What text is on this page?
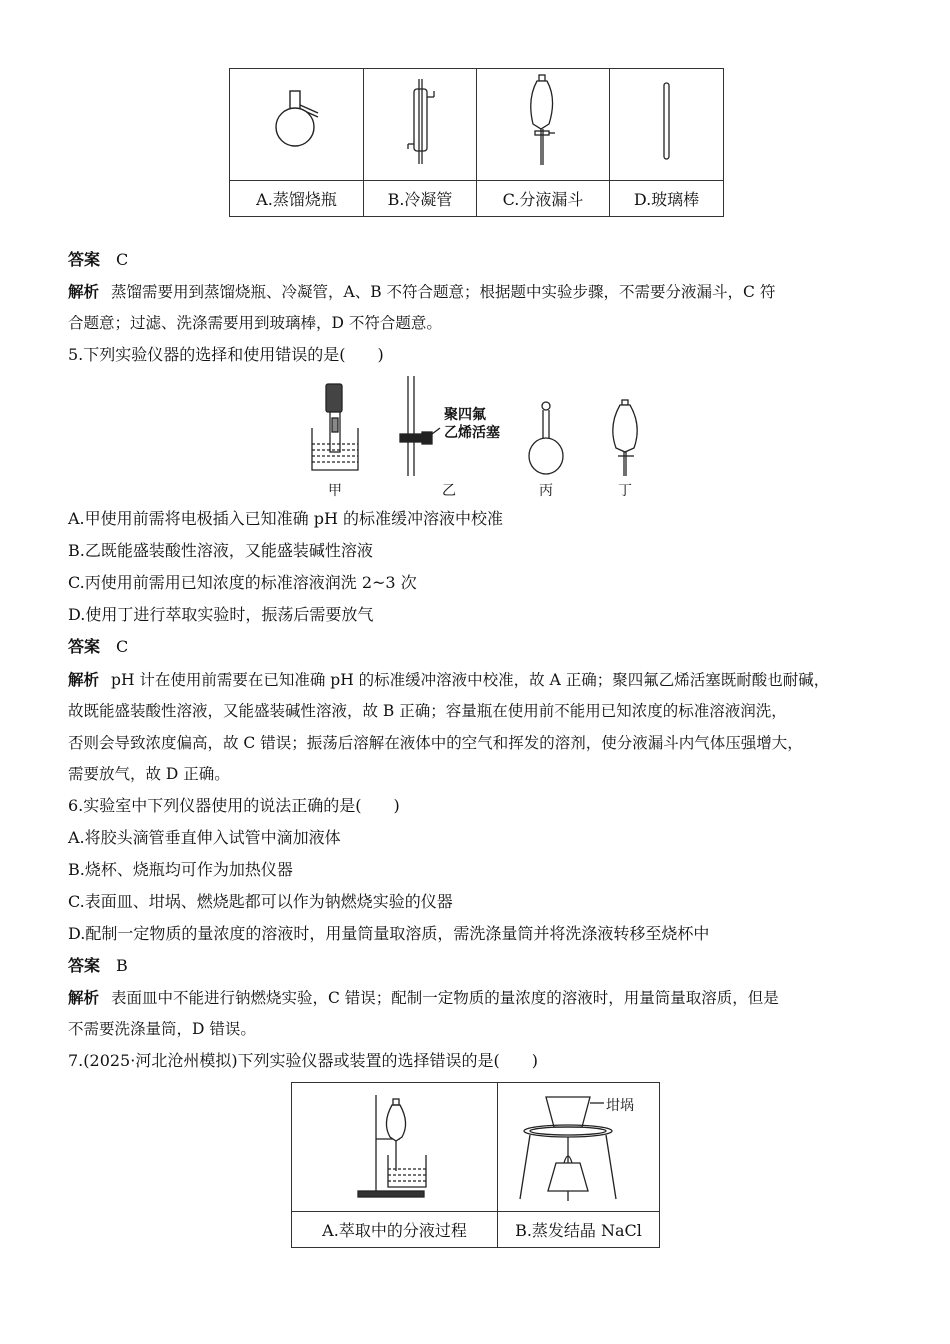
A.蒸馏烧瓶	B.冷凝管	C.分液漏斗	D.玻璃棒
答案 C
解析 蒸馏需要用到蒸馏烧瓶、冷凝管，A、B 不符合题意；根据题中实验步骤，不需要分液漏斗，C 符
合题意；过滤、洗涤需要用到玻璃棒，D 不符合题意。
5.下列实验仪器的选择和使用错误的是(　　)
聚四氟
乙烯活塞
甲	乙	丙	丁
A.甲使用前需将电极插入已知准确 pH 的标准缓冲溶液中校准
B.乙既能盛装酸性溶液，又能盛装碱性溶液
C.丙使用前需用已知浓度的标准溶液润洗 2~3 次
D.使用丁进行萃取实验时，振荡后需要放气
答案 C
解析 pH 计在使用前需要在已知准确 pH 的标准缓冲溶液中校准，故 A 正确；聚四氟乙烯活塞既耐酸也耐碱，
故既能盛装酸性溶液，又能盛装碱性溶液，故 B 正确；容量瓶在使用前不能用已知浓度的标准溶液润洗，
否则会导致浓度偏高，故 C 错误；振荡后溶解在液体中的空气和挥发的溶剂，使分液漏斗内气体压强增大，
需要放气，故 D 正确。
6.实验室中下列仪器使用的说法正确的是(　　)
A.将胶头滴管垂直伸入试管中滴加液体
B.烧杯、烧瓶均可作为加热仪器
C.表面皿、坩埚、燃烧匙都可以作为钠燃烧实验的仪器
D.配制一定物质的量浓度的溶液时，用量筒量取溶质，需洗涤量筒并将洗涤液转移至烧杯中
答案 B
解析 表面皿中不能进行钠燃烧实验，C 错误；配制一定物质的量浓度的溶液时，用量筒量取溶质，但是
不需要洗涤量筒，D 错误。
7.(2025·河北沧州模拟)下列实验仪器或装置的选择错误的是(　　)

坩埚

A.萃取中的分液过程	B.蒸发结晶 NaCl
